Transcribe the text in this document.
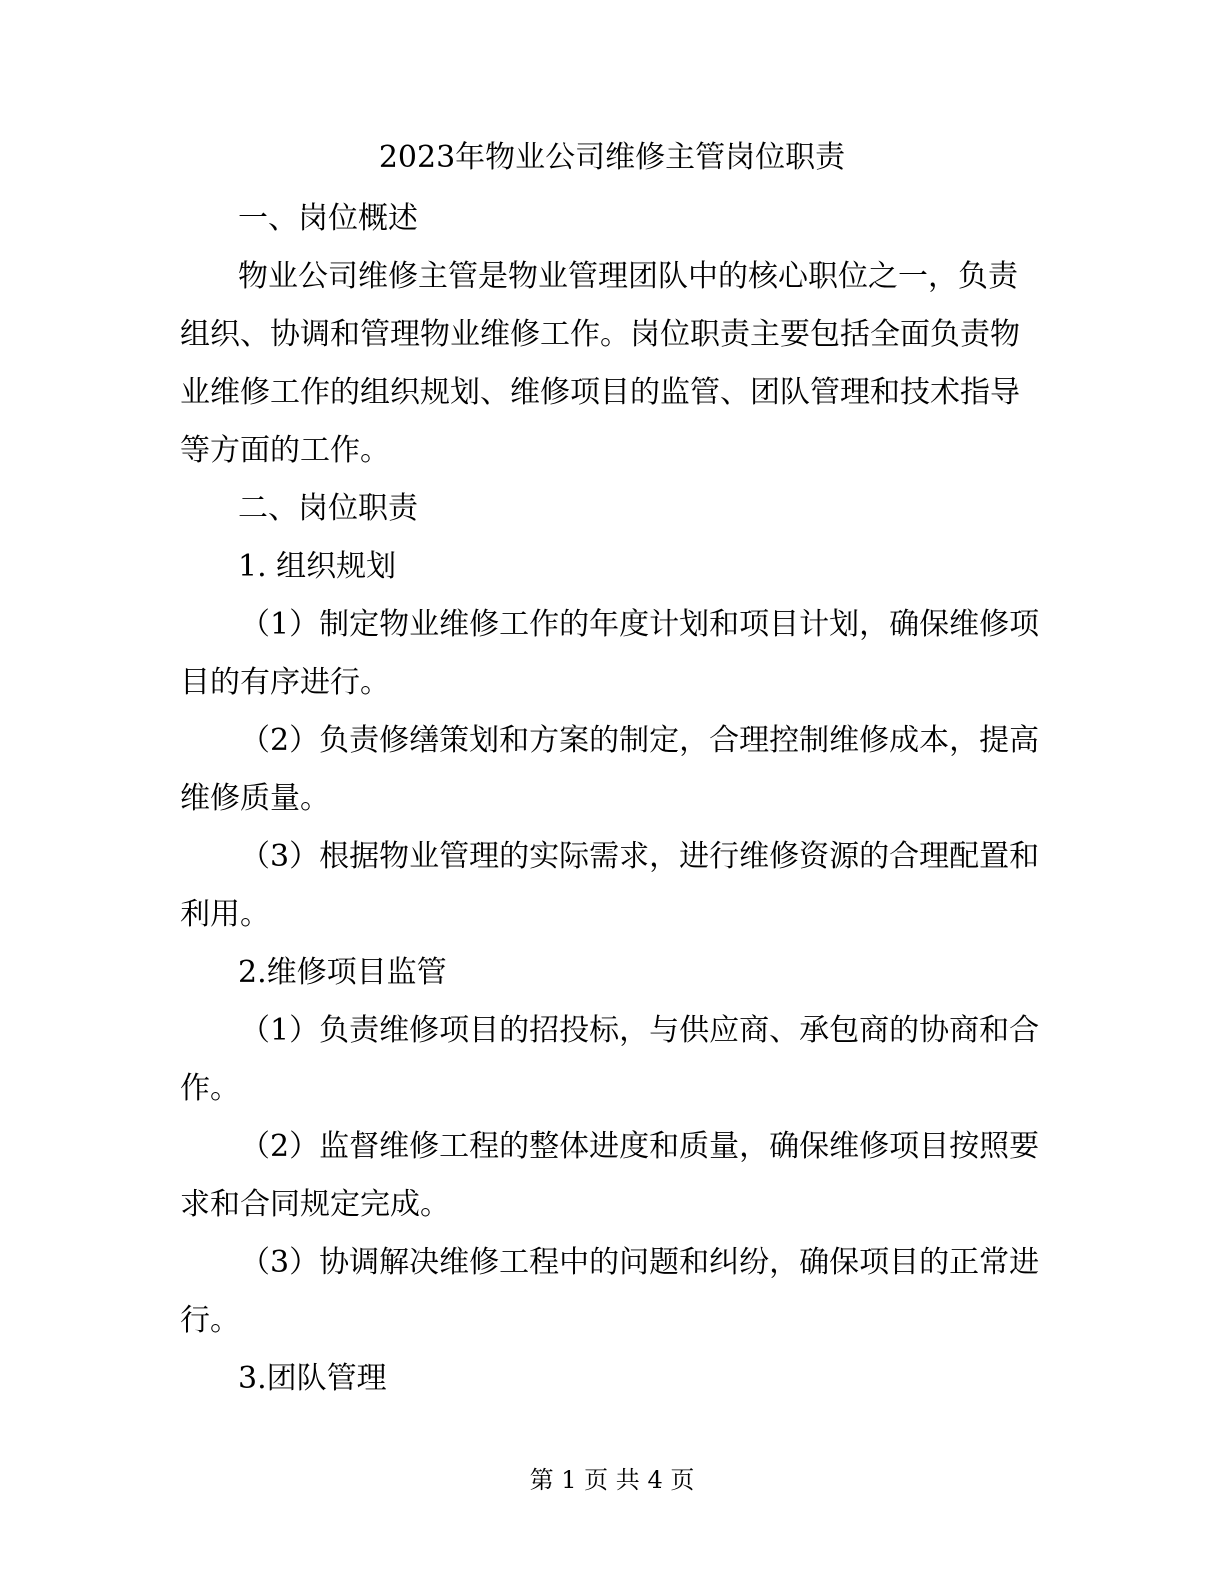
2023年物业公司维修主管岗位职责
一、岗位概述
物业公司维修主管是物业管理团队中的核心职位之一，负责
组织、协调和管理物业维修工作。岗位职责主要包括全面负责物
业维修工作的组织规划、维修项目的监管、团队管理和技术指导
等方面的工作。
二、岗位职责
1. 组织规划
（1）制定物业维修工作的年度计划和项目计划，确保维修项
目的有序进行。
（2）负责修缮策划和方案的制定，合理控制维修成本，提高
维修质量。
（3）根据物业管理的实际需求，进行维修资源的合理配置和
利用。
2.维修项目监管
（1）负责维修项目的招投标，与供应商、承包商的协商和合
作。
（2）监督维修工程的整体进度和质量，确保维修项目按照要
求和合同规定完成。
（3）协调解决维修工程中的问题和纠纷，确保项目的正常进
行。
3.团队管理
第 1 页 共 4 页
